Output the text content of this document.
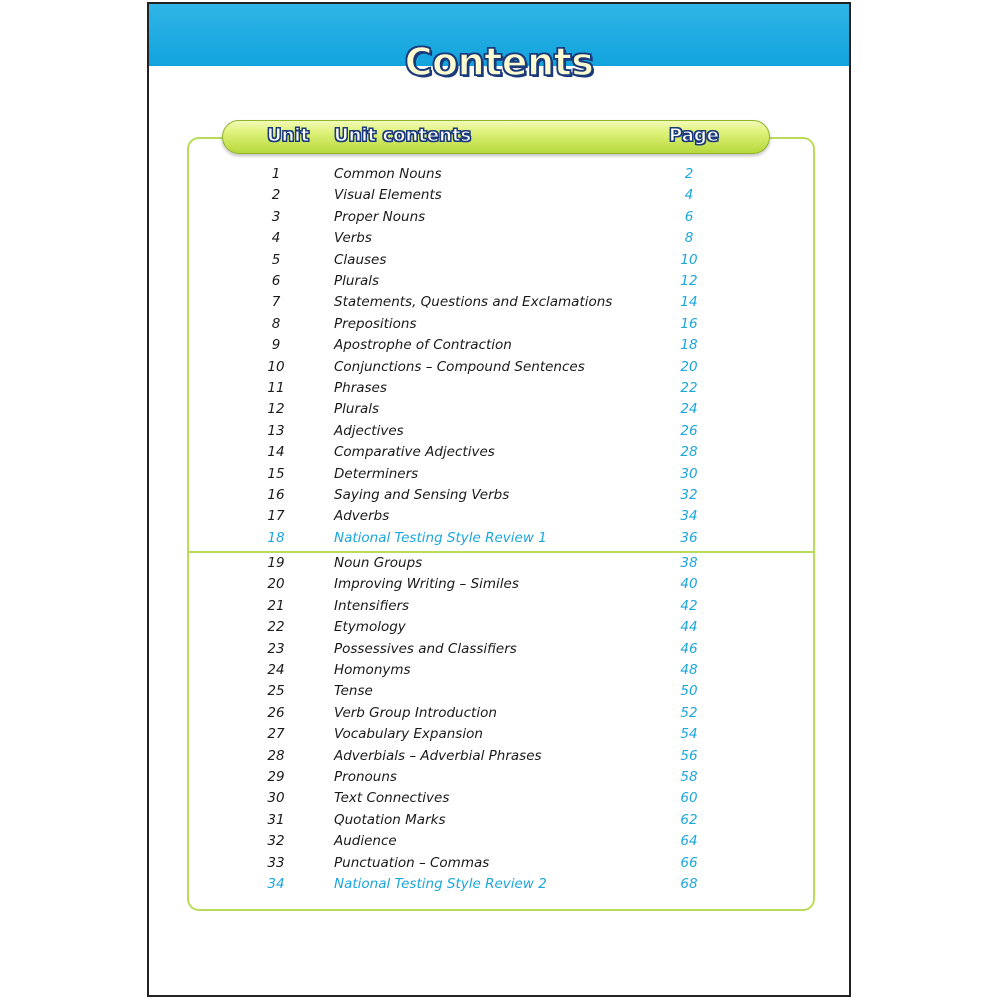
Contents
Unit Unit contents	Page
1	Common Nouns	2
2	Visual Elements	4
3	Proper Nouns	6
4	Verbs	8
5	Clauses	10
6	Plurals	12
7	Statements, Questions and Exclamations	14
8	Prepositions	16
9	Apostrophe of Contraction	18
10	Conjunctions – Compound Sentences	20
11	Phrases	22
12	Plurals	24
13	Adjectives	26
14	Comparative Adjectives	28
15	Determiners	30
16	Saying and Sensing Verbs	32
17	Adverbs	34
18	National Testing Style Review 1	36
19	Noun Groups	38
20	Improving Writing – Similes	40
21	Intensifiers	42
22	Etymology	44
23	Possessives and Classifiers	46
24	Homonyms	48
25	Tense	50
26	Verb Group Introduction	52
27	Vocabulary Expansion	54
28	Adverbials – Adverbial Phrases	56
29	Pronouns	58
30	Text Connectives	60
31	Quotation Marks	62
32	Audience	64
33	Punctuation – Commas	66
34	National Testing Style Review 2	68
